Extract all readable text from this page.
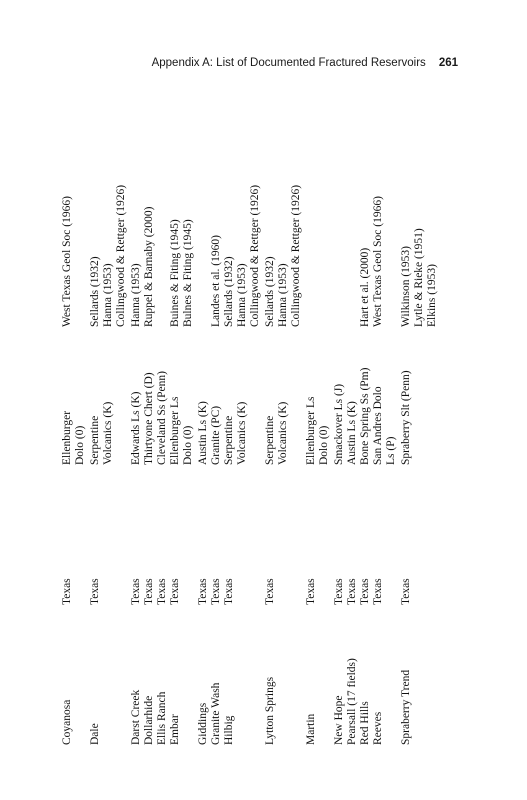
Appendix A: List of Documented Fractured Reservoirs 261
Coyanosa
Texas
Ellenburger
West Texas Geol Soc (1966)
Dolo (0)
Dale
Texas
Serpentine
Sellards (1932)
Volcanics (K)
Hanna (1953) Collingwood & Rettger (1926)
Darst Creek
Texas
Edwards Ls (K)
Hanna (1953)
Dollarhide
Texas
Thirtyone Chert (D)
Ruppel & Barnaby (2000)
Ellis Ranch
Texas
Cleveland Ss (Penn)
Embar
Texas
Ellenburger Ls
Buines & Fiting (1945)
Dolo (0)
Bulnes & Fiting (1945)
Giddings
Texas
Austin Ls (K)
Granite Wash
Texas
Granite (PC)
Landes et al. (1960)
Hilbig
Texas
Serpentine
Sellards (1932)
Volcanics (K)
Hanna (1953) Collingwood & Rettger (1926)
Lytton Springs
Texas
Serpentine
Sellards (1932)
Volcanics (K)
Hanna (1953) Collingwood & Rettger (1926)
Martin
Texas
Ellenburger Ls Dolo (0)
New Hope
Texas
Smackover Ls (J)
Pearsall (17 fields)
Texas
Austin Ls (K)
Red Hills
Texas
Bone Spring Ss (Pm)
Hart et al. (2000)
Reeves
Texas
San Andres Dolo
West Texas Geol Soc (1966)
Ls (P)
Spraberry Trend
Texas
Spraberry Slt (Penn)
Wilkinson (1953) Lytle & Rieke (1951) Elkins (1953)
